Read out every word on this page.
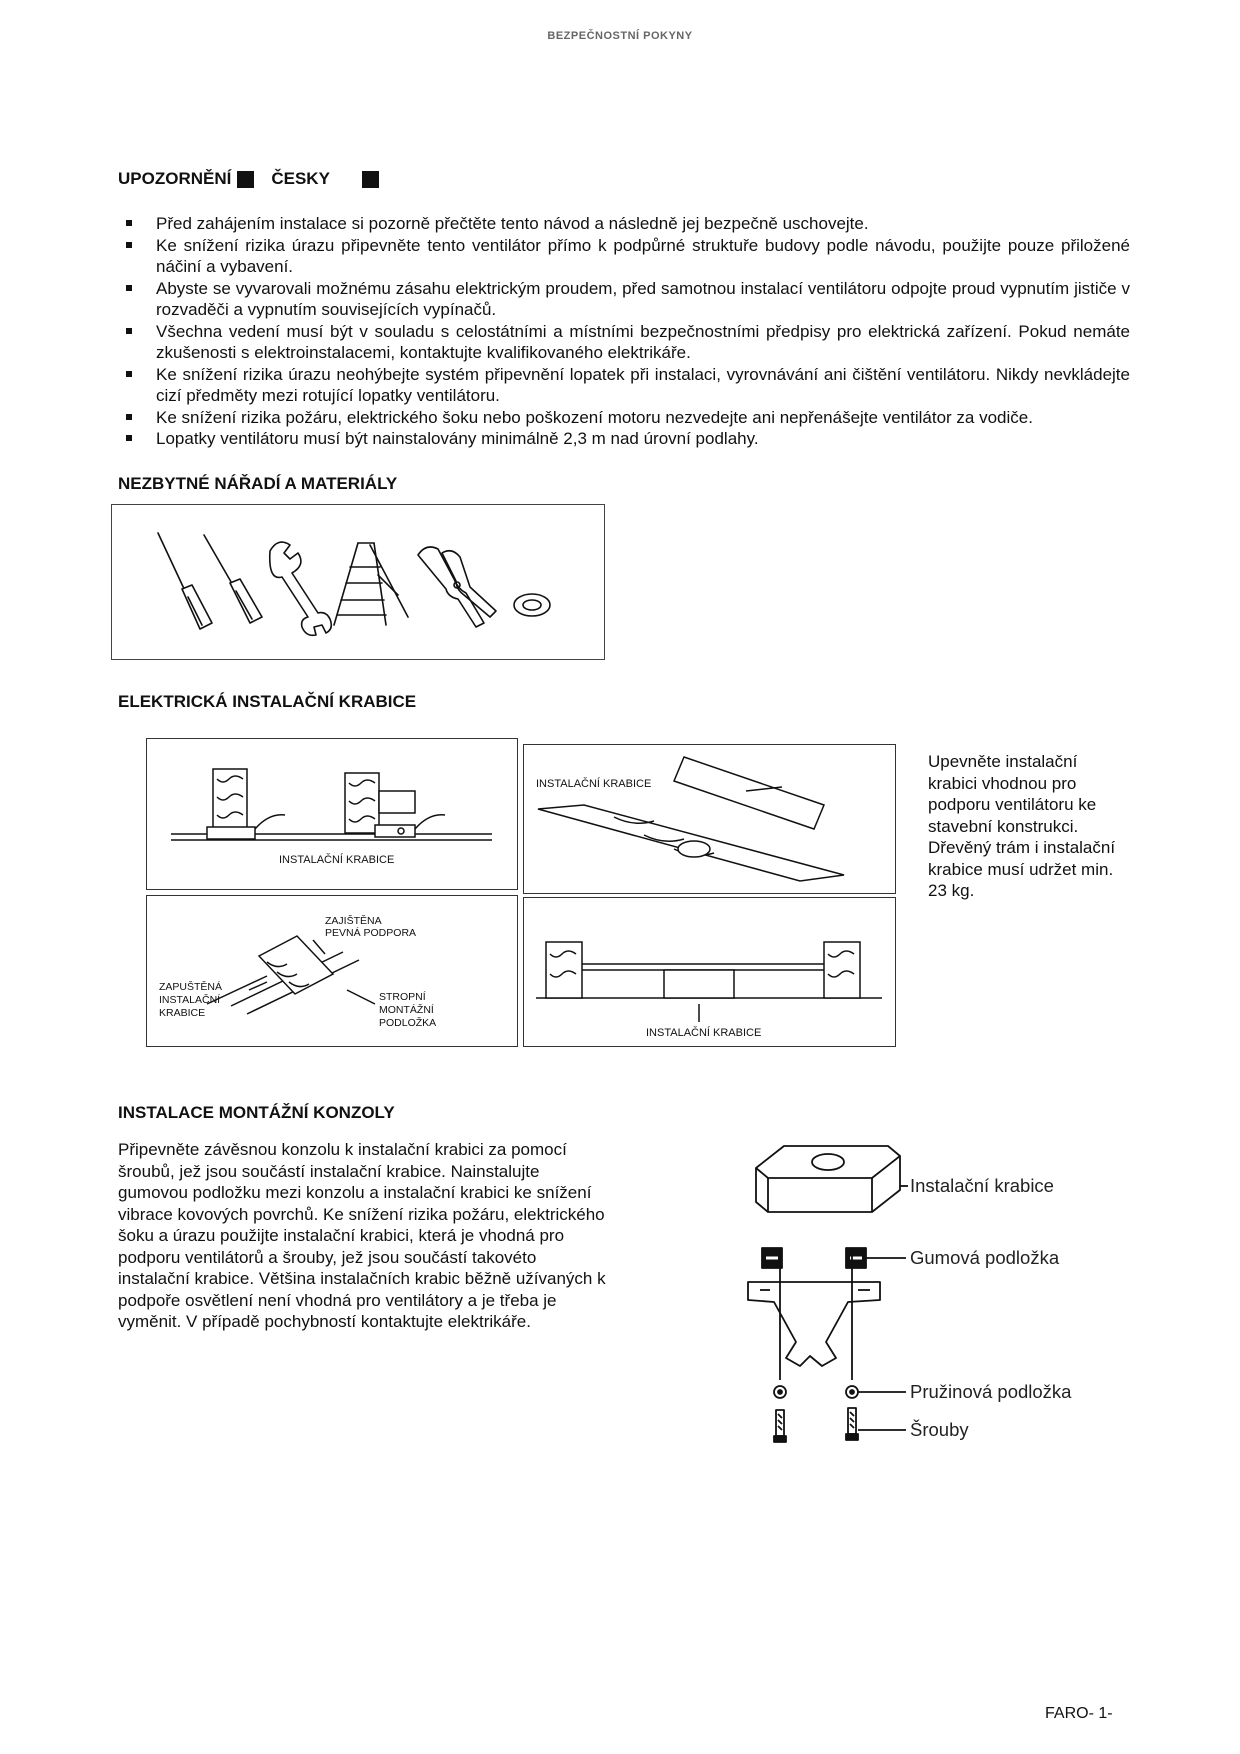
BEZPEČNOSTNÍ POKYNY
UPOZORNĚNÍ ČESKY
Před zahájením instalace si pozorně přečtěte tento návod a následně jej bezpečně uschovejte.
Ke snížení rizika úrazu připevněte tento ventilátor přímo k podpůrné struktuře budovy podle návodu, použijte pouze přiložené náčiní a vybavení.
Abyste se vyvarovali možnému zásahu elektrickým proudem, před samotnou instalací ventilátoru odpojte proud vypnutím jističe v rozvaděči a vypnutím souvisejících vypínačů.
Všechna vedení musí být v souladu s celostátními a místními bezpečnostními předpisy pro elektrická zařízení. Pokud nemáte zkušenosti s elektroinstalacemi, kontaktujte kvalifikovaného elektrikáře.
Ke snížení rizika úrazu neohýbejte systém připevnění lopatek při instalaci, vyrovnávání ani čištění ventilátoru. Nikdy nevkládejte cizí předměty mezi rotující lopatky ventilátoru.
Ke snížení rizika požáru, elektrického šoku nebo poškození motoru nezvedejte ani nepřenášejte ventilátor za vodiče.
Lopatky ventilátoru musí být nainstalovány minimálně 2,3 m nad úrovní podlahy.
NEZBYTNÉ NÁŘADÍ A MATERIÁLY
ELEKTRICKÁ INSTALAČNÍ KRABICE
INSTALAČNÍ KRABICE
INSTALAČNÍ KRABICE
ZAJIŠTĚNA
PEVNÁ PODPORA
ZAPUŠTĚNÁ
INSTALAČNÍ
KRABICE
STROPNÍ
MONTÁŽNÍ
PODLOŽKA
INSTALAČNÍ KRABICE
Upevněte instalační krabici vhodnou pro podporu ventilátoru ke stavební konstrukci. Dřevěný trám i instalační krabice musí udržet min. 23 kg.
INSTALACE MONTÁŽNÍ KONZOLY
Připevněte závěsnou konzolu k instalační krabici za pomocí šroubů, jež jsou součástí instalační krabice. Nainstalujte gumovou podložku mezi konzolu a instalační krabici ke snížení vibrace kovových povrchů. Ke snížení rizika požáru, elektrického šoku a úrazu použijte instalační krabici, která je vhodná pro podporu ventilátorů a šrouby, jež jsou součástí takovéto instalační krabice. Většina instalačních krabic běžně užívaných k podpoře osvětlení není vhodná pro ventilátory a je třeba je vyměnit. V případě pochybností kontaktujte elektrikáře.
Instalační krabice
Gumová podložka
Pružinová podložka
Šrouby
FARO- 1-
